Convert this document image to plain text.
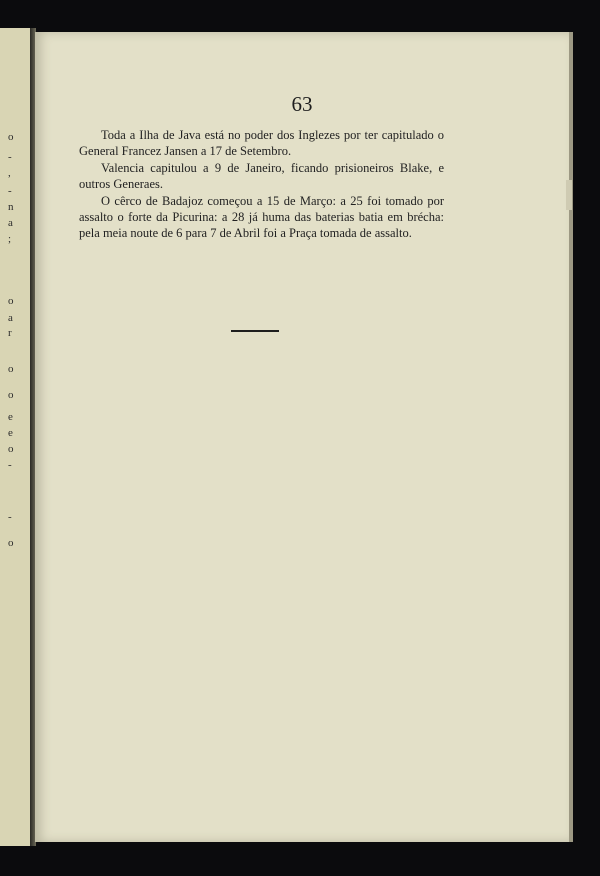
o
-
,
-
n
a
;
o
a
r
o
o
e
e
o
-
-
o
63

Toda a Ilha de Java está no poder dos Inglezes por ter capitulado o General Francez Jansen a 17 de Setembro.

Valencia capitulou a 9 de Janeiro, ficando prisioneiros Blake, e outros Generaes.

O cêrco de Badajoz começou a 15 de Março: a 25 foi tomado por assalto o forte da Picurina: a 28 já huma das baterias batia em brécha: pela meia noute de 6 para 7 de Abril foi a Praça tomada de assalto.
